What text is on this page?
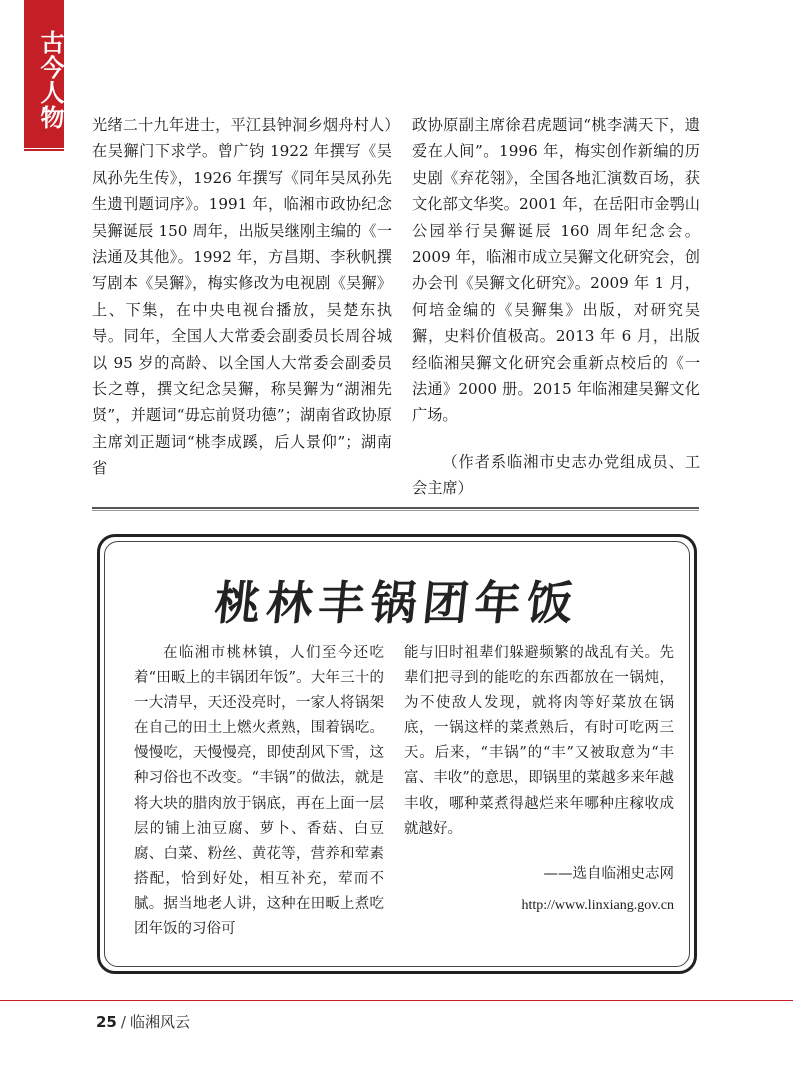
古今人物 光绪二十九年进士，平江县钟洞乡烟舟村人）在吴獬门下求学。曾广钧 1922 年撰写《吴凤孙先生传》，1926 年撰写《同年吴凤孙先生遗刊题词序》。1991 年，临湘市政协纪念吴獬诞辰 150 周年，出版吴继刚主编的《一法通及其他》。1992 年，方昌期、李秋帆撰写剧本《吴獬》，梅实修改为电视剧《吴獬》上、下集，在中央电视台播放，吴楚东执导。同年，全国人大常委会副委员长周谷城以 95 岁的高龄、以全国人大常委会副委员长之尊，撰文纪念吴獬，称吴獬为“湖湘先贤”，并题词“毋忘前贤功德”；湖南省政协原主席刘正题词“桃李成蹊，后人景仰”；湖南省

政协原副主席徐君虎题词“桃李满天下，遗爱在人间”。1996 年，梅实创作新编的历史剧《弃花翎》，全国各地汇演数百场，获文化部文华奖。2001 年，在岳阳市金鹗山公园举行吴獬诞辰 160 周年纪念会。2009 年，临湘市成立吴獬文化研究会，创办会刊《吴獬文化研究》。2009 年 1 月，何培金编的《吴獬集》出版，对研究吴獬，史料价值极高。2013 年 6 月，出版经临湘吴獬文化研究会重新点校后的《一法通》2000 册。2015 年临湘建吴獬文化广场。

（作者系临湘市史志办党组成员、工会主席）

桃林丰锅团年饭

在临湘市桃林镇，人们至今还吃着“田畈上的丰锅团年饭”。大年三十的一大清早，天还没亮时，一家人将锅架在自己的田土上燃火煮熟，围着锅吃。慢慢吃，天慢慢亮，即使刮风下雪，这种习俗也不改变。“丰锅”的做法，就是将大块的腊肉放于锅底，再在上面一层层的铺上油豆腐、萝卜、香菇、白豆腐、白菜、粉丝、黄花等，营养和荤素搭配，恰到好处，相互补充，荤而不腻。据当地老人讲，这种在田畈上煮吃团年饭的习俗可

能与旧时祖辈们躲避频繁的战乱有关。先辈们把寻到的能吃的东西都放在一锅炖，为不使敌人发现，就将肉等好菜放在锅底，一锅这样的菜煮熟后，有时可吃两三天。后来，“丰锅”的“丰”又被取意为“丰富、丰收”的意思，即锅里的菜越多来年越丰收，哪种菜煮得越烂来年哪种庄稼收成就越好。

——选自临湘史志网

http://www.linxiang.gov.cn

25 / 临湘风云
